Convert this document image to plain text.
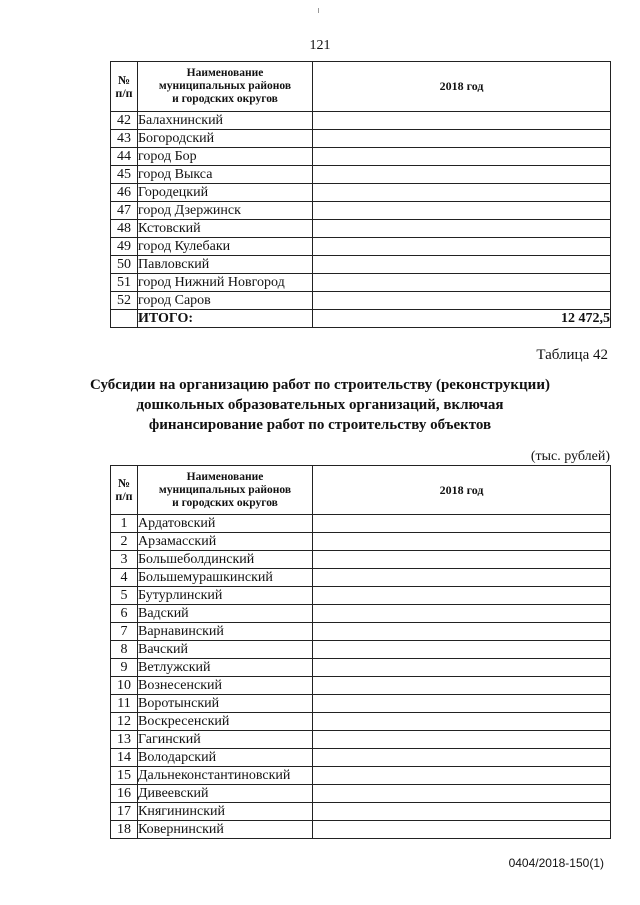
121
№
п/п	Наименование
муниципальных районов
и городских округов	2018 год
42	Балахнинский	
43	Богородский	
44	город Бор	
45	город Выкса	
46	Городецкий	
47	город Дзержинск	
48	Кстовский	
49	город Кулебаки	
50	Павловский	
51	город Нижний Новгород	
52	город Саров	
	ИТОГО:	12 472,5
Таблица 42
Субсидии на организацию работ по строительству (реконструкции)
дошкольных образовательных организаций, включая
финансирование работ по строительству объектов
(тыс. рублей)
№
п/п	Наименование
муниципальных районов
и городских округов	2018 год
1	Ардатовский	
2	Арзамасский	
3	Большеболдинский	
4	Большемурашкинский	
5	Бутурлинский	
6	Вадский	
7	Варнавинский	
8	Вачский	
9	Ветлужский	
10	Вознесенский	
11	Воротынский	
12	Воскресенский	
13	Гагинский	
14	Володарский	
15	Дальнеконстантиновский	
16	Дивеевский	
17	Княгининский	
18	Ковернинский	
0404/2018-150(1)
